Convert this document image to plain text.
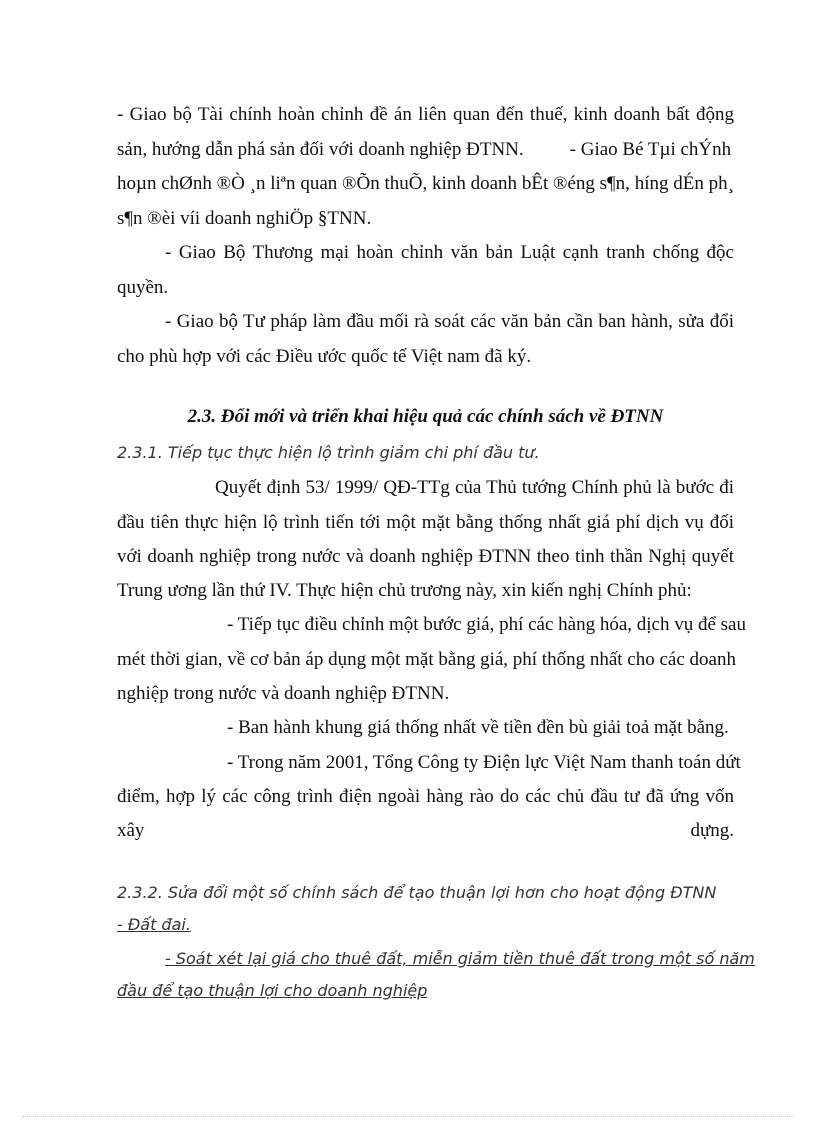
- Giao bộ Tài chính hoàn chỉnh đề án liên quan đến thuế, kinh doanh bất động

sản, hướng dẫn phá sản đối với doanh nghiệp ĐTNN. - Giao Bé Tµi chÝnh

hoµn chØnh ®Ò ¸n liªn quan ®Õn thuÕ, kinh doanh bÊt ®éng s¶n, híng dÉn ph¸

s¶n ®èi víi doanh nghiÖp §TNN.

- Giao Bộ Thương mại hoàn chỉnh văn bản Luật cạnh tranh chống độc

quyền.

- Giao bộ Tư pháp làm đầu mối rà soát các văn bản cần ban hành, sửa đổi

cho phù hợp với các Điều ước quốc tế Việt nam đã ký.

2.3. Đổi mới và triển khai hiệu quả các chính sách về ĐTNN

2.3.1. Tiếp tục thực hiện lộ trình giảm chi phí đầu tư.

Quyết định 53/ 1999/ QĐ-TTg của Thủ tướng Chính phủ là bước đi

đầu tiên thực hiện lộ trình tiến tới một mặt bằng thống nhất giá phí dịch vụ đối

với doanh nghiệp trong nước và doanh nghiệp ĐTNN theo tinh thần Nghị quyết

Trung ương lần thứ IV. Thực hiện chủ trương này, xin kiến nghị Chính phủ:

- Tiếp tục điều chỉnh một bước giá, phí các hàng hóa, dịch vụ để sau

mét thời gian, về cơ bản áp dụng một mặt bằng giá, phí thống nhất cho các doanh

nghiệp trong nước và doanh nghiệp ĐTNN.

- Ban hành khung giá thống nhất về tiền đền bù giải toả mặt bằng.

- Trong năm 2001, Tổng Công ty Điện lực Việt Nam thanh toán dứt

điểm, hợp lý các công trình điện ngoài hàng rào do các chủ đầu tư đã ứng vốn

xây	dựng.

2.3.2. Sửa đổi một số chính sách để tạo thuận lợi hơn cho hoạt động ĐTNN

- Đất đai.

- Soát xét lại giá cho thuê đất, miễn giảm tiền thuê đất trong một số năm

đầu để tạo thuận lợi cho doanh nghiệp
